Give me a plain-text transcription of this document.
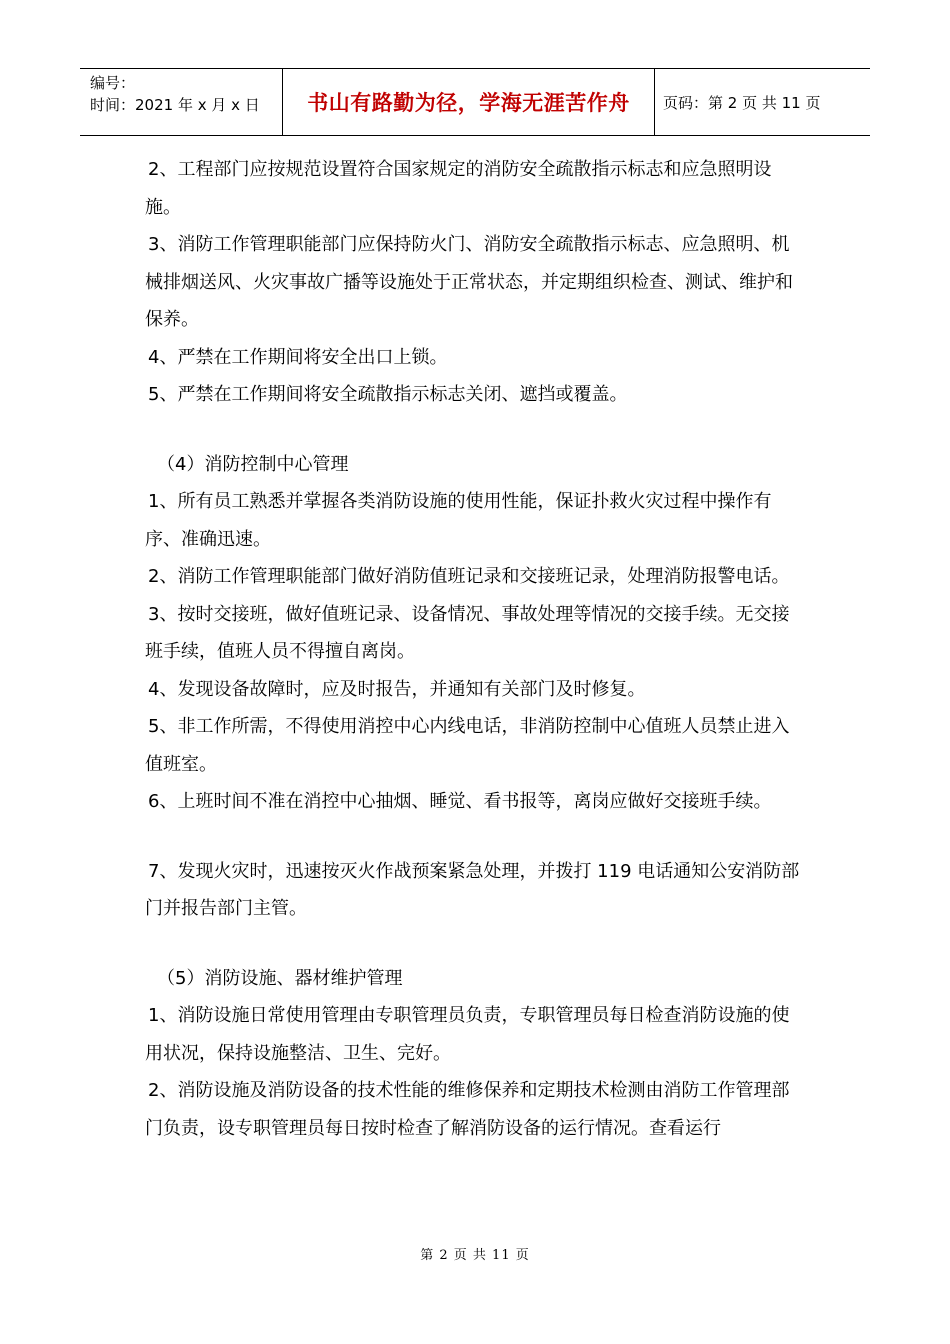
编号：
时间：2021 年 x 月 x 日	书山有路勤为径，学海无涯苦作舟	页码：第 2 页 共 11 页

2、工程部门应按规范设置符合国家规定的消防安全疏散指示标志和应急照明设施。

3、消防工作管理职能部门应保持防火门、消防安全疏散指示标志、应急照明、机械排烟送风、火灾事故广播等设施处于正常状态，并定期组织检查、测试、维护和保养。

4、严禁在工作期间将安全出口上锁。

5、严禁在工作期间将安全疏散指示标志关闭、遮挡或覆盖。

（4）消防控制中心管理

1、所有员工熟悉并掌握各类消防设施的使用性能，保证扑救火灾过程中操作有序、准确迅速。

2、消防工作管理职能部门做好消防值班记录和交接班记录，处理消防报警电话。

3、按时交接班，做好值班记录、设备情况、事故处理等情况的交接手续。无交接班手续，值班人员不得擅自离岗。

4、发现设备故障时，应及时报告，并通知有关部门及时修复。

5、非工作所需，不得使用消控中心内线电话，非消防控制中心值班人员禁止进入值班室。

6、上班时间不准在消控中心抽烟、睡觉、看书报等，离岗应做好交接班手续。

7、发现火灾时，迅速按灭火作战预案紧急处理，并拨打 119 电话通知公安消防部门并报告部门主管。

（5）消防设施、器材维护管理

1、消防设施日常使用管理由专职管理员负责，专职管理员每日检查消防设施的使用状况，保持设施整洁、卫生、完好。

2、消防设施及消防设备的技术性能的维修保养和定期技术检测由消防工作管理部门负责，设专职管理员每日按时检查了解消防设备的运行情况。查看运行

第 2 页 共 11 页
